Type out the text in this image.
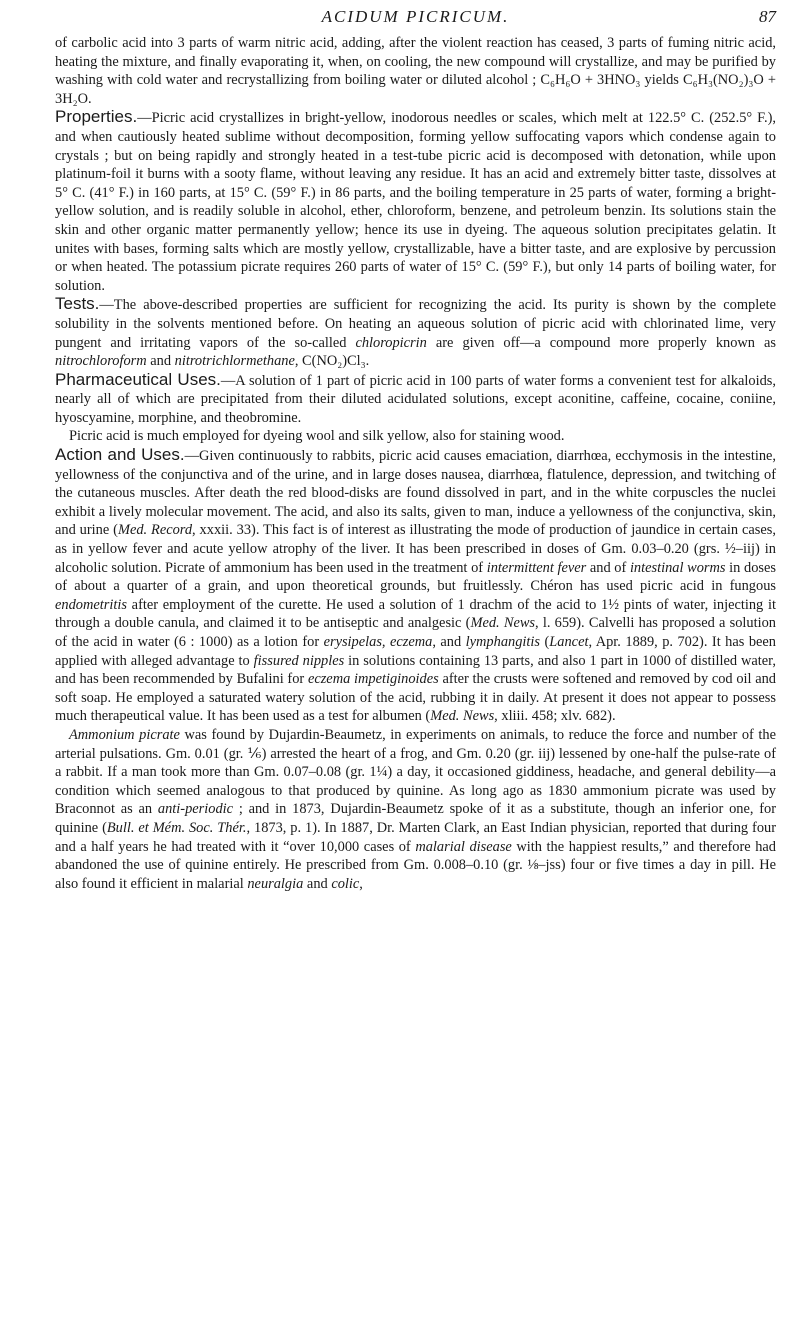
ACIDUM PICRICUM.	87

of carbolic acid into 3 parts of warm nitric acid, adding, after the violent reaction has ceased, 3 parts of fuming nitric acid, heating the mixture, and finally evaporating it, when, on cooling, the new compound will crystallize, and may be purified by washing with cold water and recrystallizing from boiling water or diluted alcohol ; C₆H₆O + 3HNO₃ yields C₆H₃(NO₂)₃O + 3H₂O.

Properties.—Picric acid crystallizes in bright-yellow, inodorous needles or scales, which melt at 122.5° C. (252.5° F.), and when cautiously heated sublime without decomposition, forming yellow suffocating vapors which condense again to crystals ; but on being rapidly and strongly heated in a test-tube picric acid is decomposed with detonation, while upon platinum-foil it burns with a sooty flame, without leaving any residue. It has an acid and extremely bitter taste, dissolves at 5° C. (41° F.) in 160 parts, at 15° C. (59° F.) in 86 parts, and the boiling temperature in 25 parts of water, forming a bright-yellow solution, and is readily soluble in alcohol, ether, chloroform, benzene, and petroleum benzin. Its solutions stain the skin and other organic matter permanently yellow; hence its use in dyeing. The aqueous solution precipitates gelatin. It unites with bases, forming salts which are mostly yellow, crystallizable, have a bitter taste, and are explosive by percussion or when heated. The potassium picrate requires 260 parts of water of 15° C. (59° F.), but only 14 parts of boiling water, for solution.

Tests.—The above-described properties are sufficient for recognizing the acid. Its purity is shown by the complete solubility in the solvents mentioned before. On heating an aqueous solution of picric acid with chlorinated lime, very pungent and irritating vapors of the so-called chloropicrin are given off—a compound more properly known as nitrochloroform and nitrotrichlormethane, C(NO₂)Cl₃.

Pharmaceutical Uses.—A solution of 1 part of picric acid in 100 parts of water forms a convenient test for alkaloids, nearly all of which are precipitated from their diluted acidulated solutions, except aconitine, caffeine, cocaine, coniine, hyoscyamine, morphine, and theobromine.

Picric acid is much employed for dyeing wool and silk yellow, also for staining wood.

Action and Uses.—Given continuously to rabbits, picric acid causes emaciation, diarrhœa, ecchymosis in the intestine, yellowness of the conjunctiva and of the urine, and in large doses nausea, diarrhœa, flatulence, depression, and twitching of the cutaneous muscles. After death the red blood-disks are found dissolved in part, and in the white corpuscles the nuclei exhibit a lively molecular movement. The acid, and also its salts, given to man, induce a yellowness of the conjunctiva, skin, and urine (Med. Record, xxxii. 33). This fact is of interest as illustrating the mode of production of jaundice in certain cases, as in yellow fever and acute yellow atrophy of the liver. It has been prescribed in doses of Gm. 0.03–0.20 (grs. ½–iij) in alcoholic solution. Picrate of ammonium has been used in the treatment of intermittent fever and of intestinal worms in doses of about a quarter of a grain, and upon theoretical grounds, but fruitlessly. Chéron has used picric acid in fungous endometritis after employment of the curette. He used a solution of 1 drachm of the acid to 1½ pints of water, injecting it through a double canula, and claimed it to be antiseptic and analgesic (Med. News, l. 659). Calvelli has proposed a solution of the acid in water (6 : 1000) as a lotion for erysipelas, eczema, and lymphangitis (Lancet, Apr. 1889, p. 702). It has been applied with alleged advantage to fissured nipples in solutions containing 13 parts, and also 1 part in 1000 of distilled water, and has been recommended by Bufalini for eczema impetiginoides after the crusts were softened and removed by cod oil and soft soap. He employed a saturated watery solution of the acid, rubbing it in daily. At present it does not appear to possess much therapeutical value. It has been used as a test for albumen (Med. News, xliii. 458; xlv. 682).

Ammonium picrate was found by Dujardin-Beaumetz, in experiments on animals, to reduce the force and number of the arterial pulsations. Gm. 0.01 (gr. ⅙) arrested the heart of a frog, and Gm. 0.20 (gr. iij) lessened by one-half the pulse-rate of a rabbit. If a man took more than Gm. 0.07–0.08 (gr. 1¼) a day, it occasioned giddiness, headache, and general debility—a condition which seemed analogous to that produced by quinine. As long ago as 1830 ammonium picrate was used by Braconnot as an anti-periodic ; and in 1873, Dujardin-Beaumetz spoke of it as a substitute, though an inferior one, for quinine (Bull. et Mém. Soc. Thér., 1873, p. 1). In 1887, Dr. Marten Clark, an East Indian physician, reported that during four and a half years he had treated with it “over 10,000 cases of malarial disease with the happiest results,” and therefore had abandoned the use of quinine entirely. He prescribed from Gm. 0.008–0.10 (gr. ⅛–jss) four or five times a day in pill. He also found it efficient in malarial neuralgia and colic,
